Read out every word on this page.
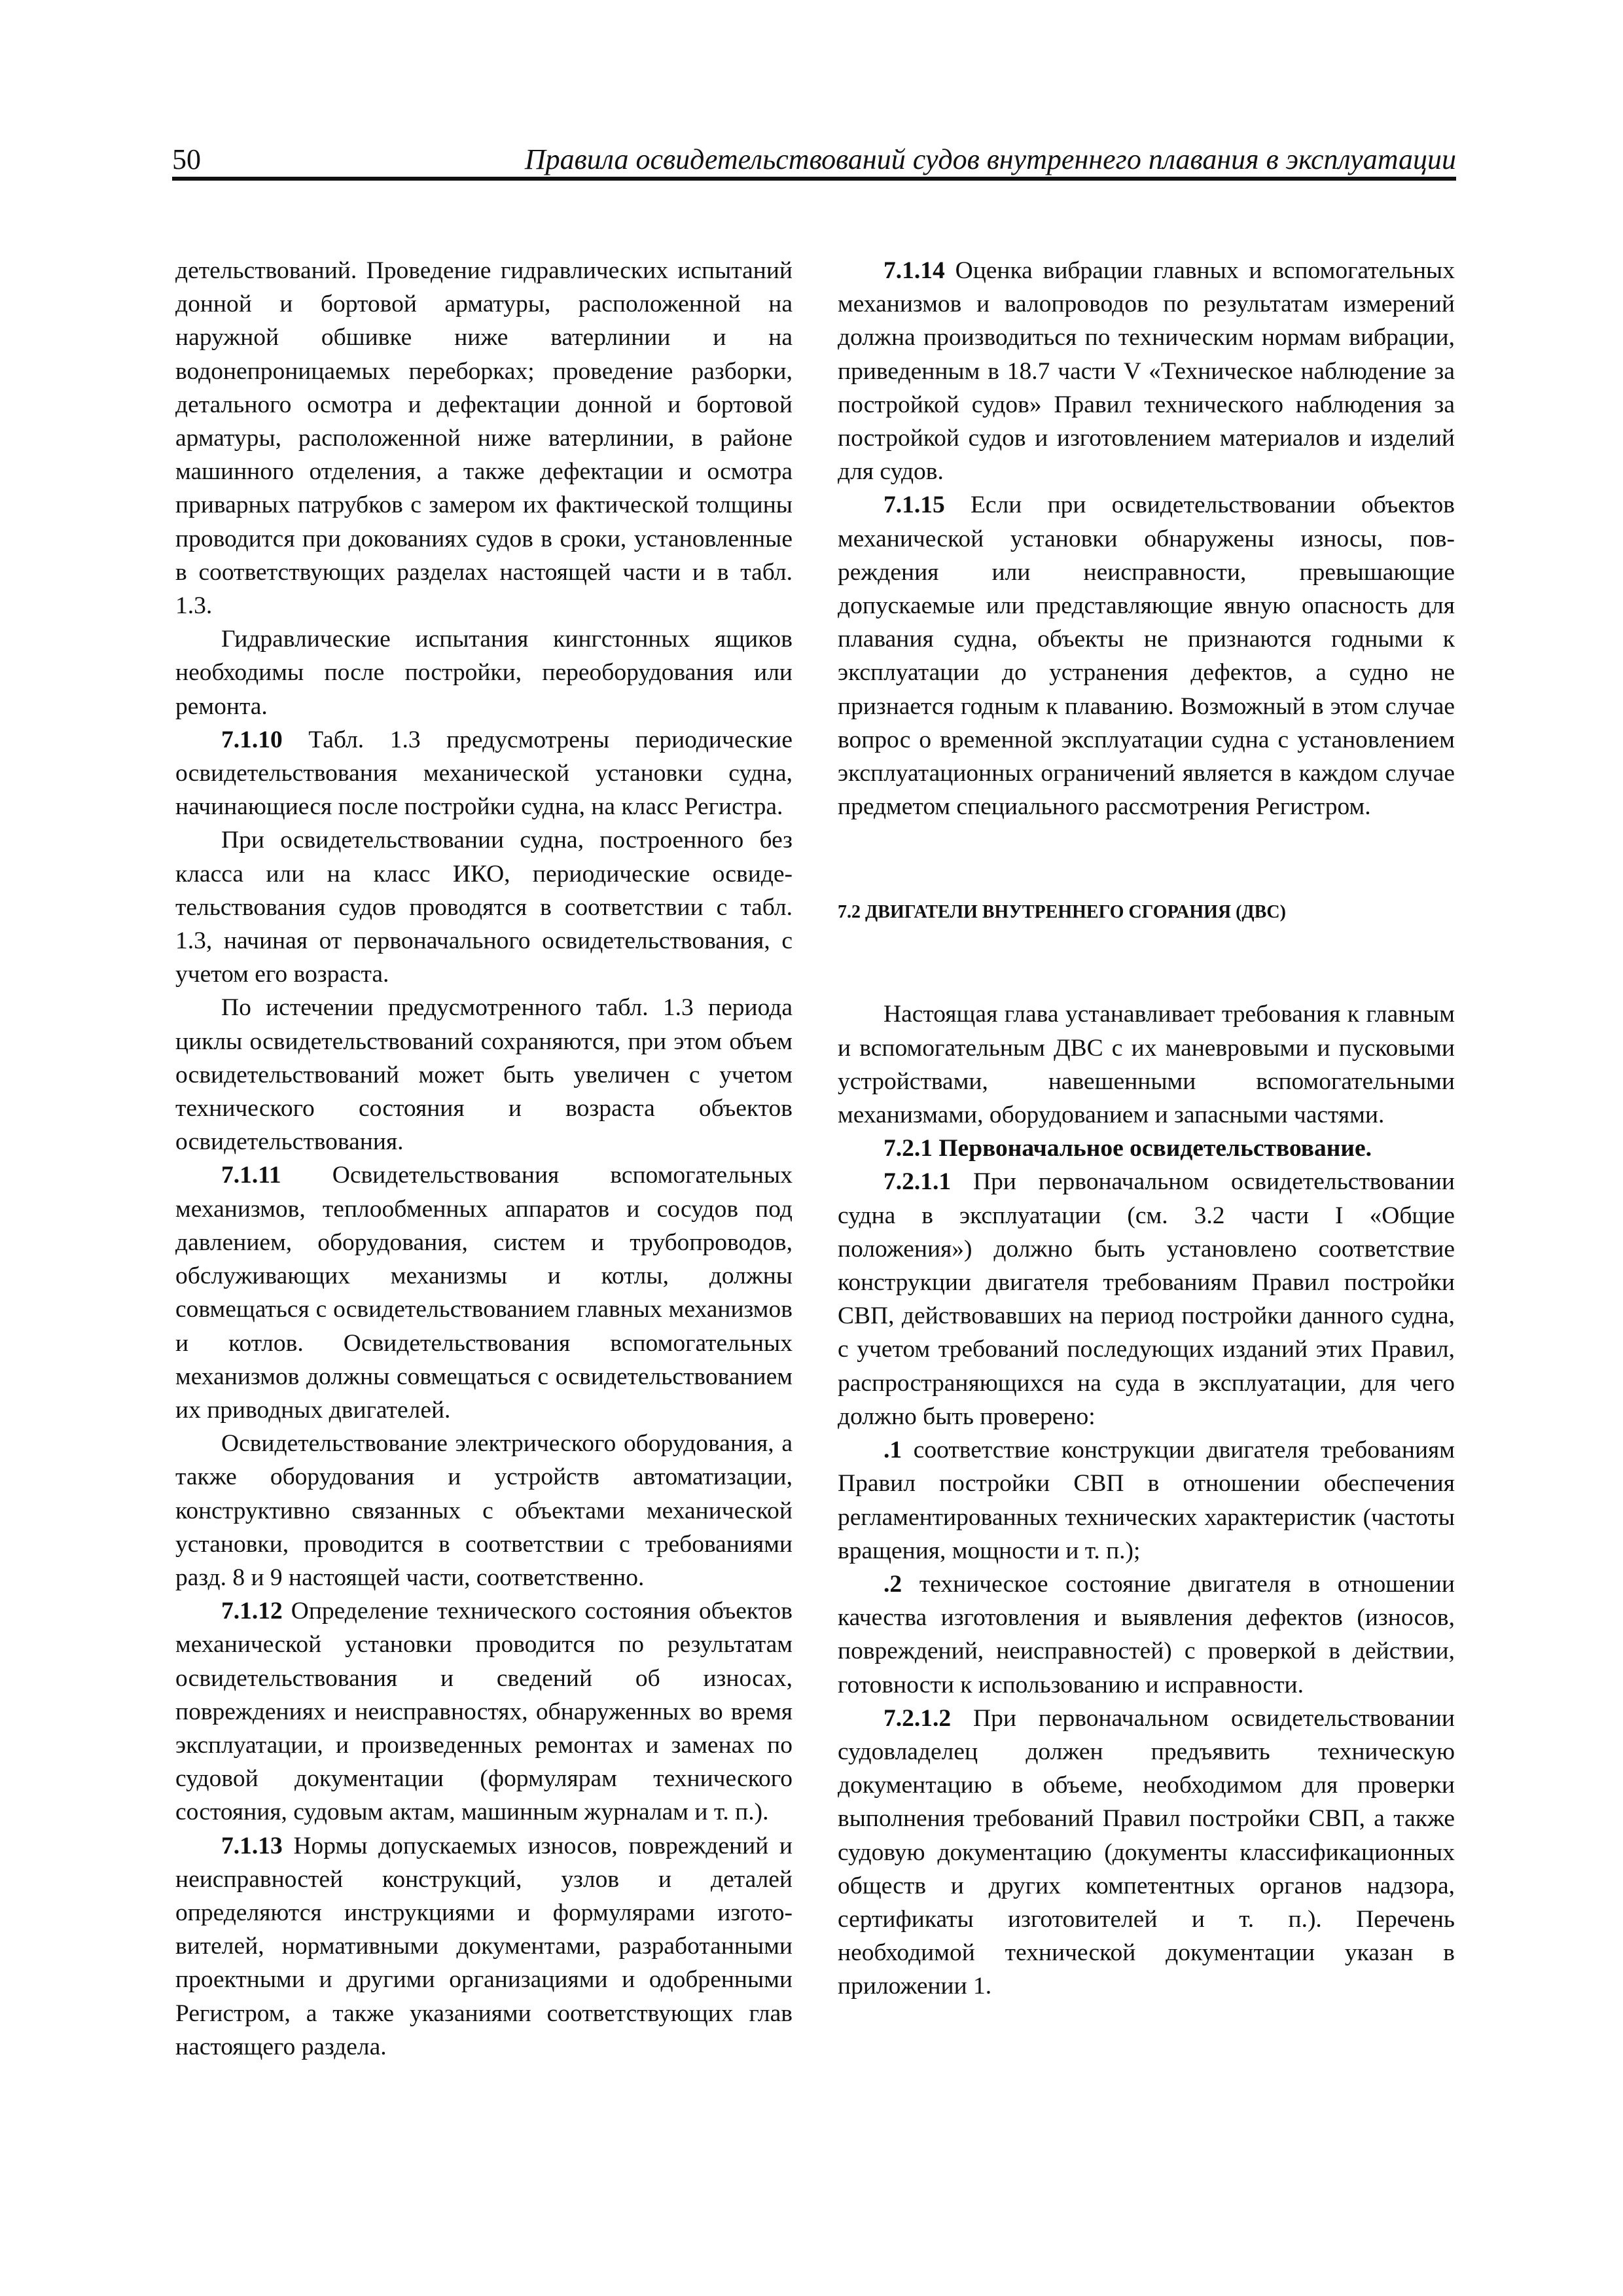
50	Правила освидетельствований судов внутреннего плавания в эксплуатации

детельствований. Проведение гидравлических испытаний донной и бортовой арматуры, расположенной на наружной обшивке ниже ватерлинии и на водонепроницаемых переборках; проведение разборки, детального осмотра и дефектации донной и бортовой арматуры, расположенной ниже ватерлинии, в районе машинного отделения, а также дефектации и осмотра приварных патрубков с замером их фактической толщины проводится при докованиях судов в сроки, установленные в соответствующих разделах настоящей части и в табл. 1.3.

Гидравлические испытания кингстонных ящиков необходимы после постройки, переоборудования или ремонта.

7.1.10 Табл. 1.3 предусмотрены периодические освидетельствования механической установки судна, начинающиеся после постройки судна, на класс Регистра.

При освидетельствовании судна, построенного без класса или на класс ИКО, периодические освидетельствования судов проводятся в соответствии с табл. 1.3, начиная от первоначального освидетельствования, с учетом его возраста.

По истечении предусмотренного табл. 1.3 периода циклы освидетельствований сохраняются, при этом объем освидетельствований может быть увеличен с учетом технического состояния и возраста объектов освидетельствования.

7.1.11 Освидетельствования вспомогательных механизмов, теплообменных аппаратов и сосудов под давлением, оборудования, систем и трубопроводов, обслуживающих механизмы и котлы, должны совмещаться с освидетельствованием главных механизмов и котлов. Освидетельствования вспомогательных механизмов должны совмещаться с освидетельствованием их приводных двигателей.

Освидетельствование электрического оборудования, а также оборудования и устройств автоматизации, конструктивно связанных с объектами механической установки, проводится в соответствии с требованиями разд. 8 и 9 настоящей части, соответственно.

7.1.12 Определение технического состояния объектов механической установки проводится по результатам освидетельствования и сведений об износах, повреждениях и неисправностях, обнаруженных во время эксплуатации, и произведенных ремонтах и заменах по судовой документации (формулярам технического состояния, судовым актам, машинным журналам и т. п.).

7.1.13 Нормы допускаемых износов, повреждений и неисправностей конструкций, узлов и деталей определяются инструкциями и формулярами изготовителей, нормативными документами, разработанными проектными и другими организациями и одобренными Регистром, а также указаниями соответствующих глав настоящего раздела.

7.1.14 Оценка вибрации главных и вспомогательных механизмов и валопроводов по результатам измерений должна производиться по техническим нормам вибрации, приведенным в 18.7 части V «Техническое наблюдение за постройкой судов» Правил технического наблюдения за постройкой судов и изготовлением материалов и изделий для судов.

7.1.15 Если при освидетельствовании объектов механической установки обнаружены износы, повреждения или неисправности, превышающие допускаемые или представляющие явную опасность для плавания судна, объекты не признаются годными к эксплуатации до устранения дефектов, а судно не признается годным к плаванию. Возможный в этом случае вопрос о временной эксплуатации судна с установлением эксплуатационных ограничений является в каждом случае предметом специального рассмотрения Регистром.

7.2 ДВИГАТЕЛИ ВНУТРЕННЕГО СГОРАНИЯ (ДВС)

Настоящая глава устанавливает требования к главным и вспомогательным ДВС с их маневровыми и пусковыми устройствами, навешенными вспомогательными механизмами, оборудованием и запасными частями.

7.2.1 Первоначальное освидетельствование.

7.2.1.1 При первоначальном освидетельствовании судна в эксплуатации (см. 3.2 части I «Общие положения») должно быть установлено соответствие конструкции двигателя требованиям Правил постройки СВП, действовавших на период постройки данного судна, с учетом требований последующих изданий этих Правил, распространяющихся на суда в эксплуатации, для чего должно быть проверено:

.1 соответствие конструкции двигателя требованиям Правил постройки СВП в отношении обеспечения регламентированных технических характеристик (частоты вращения, мощности и т. п.);

.2 техническое состояние двигателя в отношении качества изготовления и выявления дефектов (износов, повреждений, неисправностей) с проверкой в действии, готовности к использованию и исправности.

7.2.1.2 При первоначальном освидетельствовании судовладелец должен предъявить техническую документацию в объеме, необходимом для проверки выполнения требований Правил постройки СВП, а также судовую документацию (документы классификационных обществ и других компетентных органов надзора, сертификаты изготовителей и т. п.). Перечень необходимой технической документации указан в приложении 1.
